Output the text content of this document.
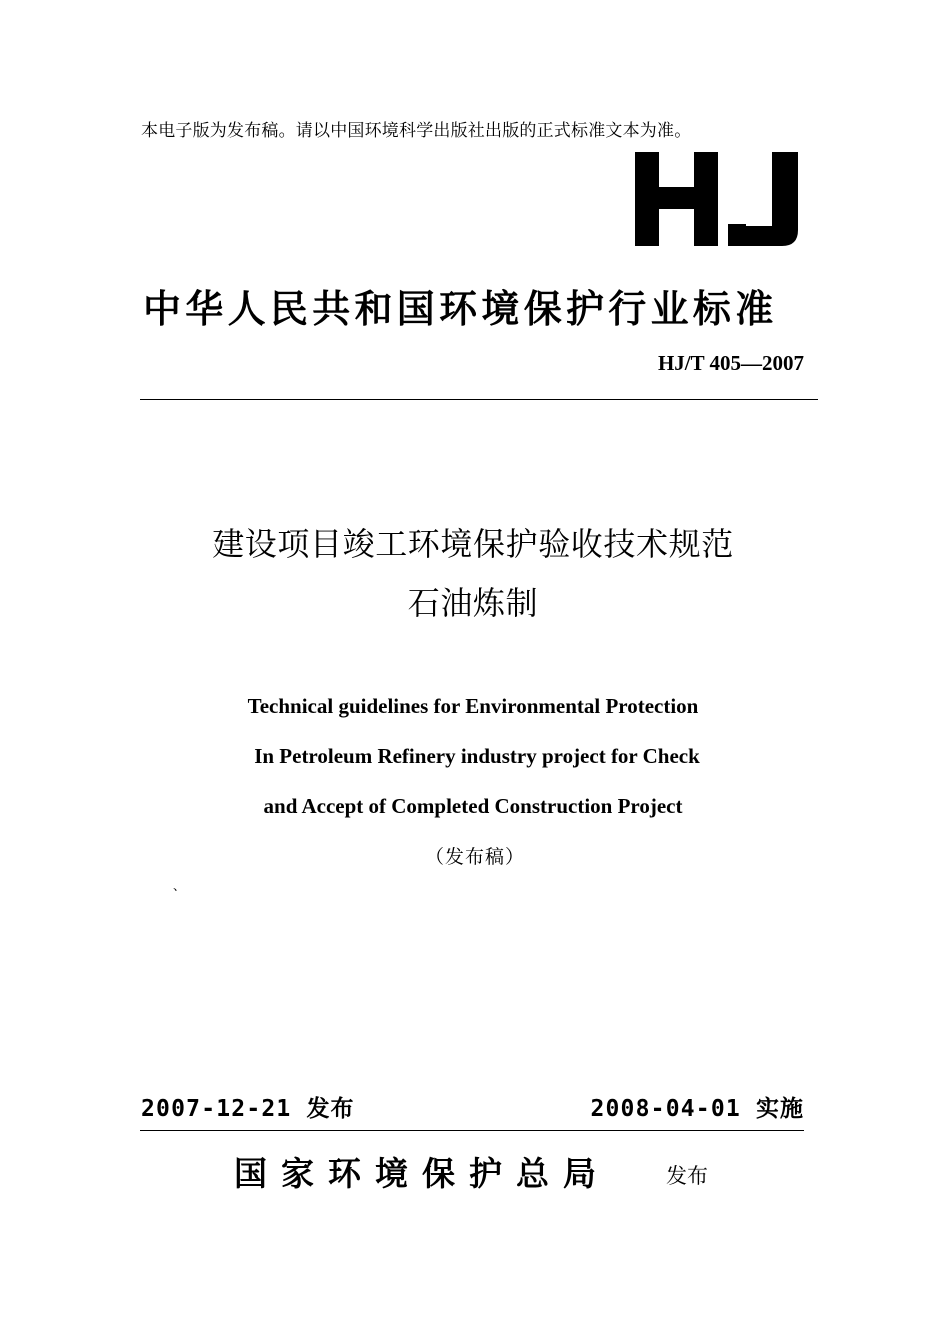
本电子版为发布稿。请以中国环境科学出版社出版的正式标准文本为准。
中华人民共和国环境保护行业标准
HJ/T 405—2007
建设项目竣工环境保护验收技术规范
石油炼制
Technical guidelines for Environmental Protection
In Petroleum Refinery industry project for Check
and Accept of Completed Construction Project
（发布稿）
、
2007-12-21 发布	2008-04-01 实施
国家环境保护总局	发布
